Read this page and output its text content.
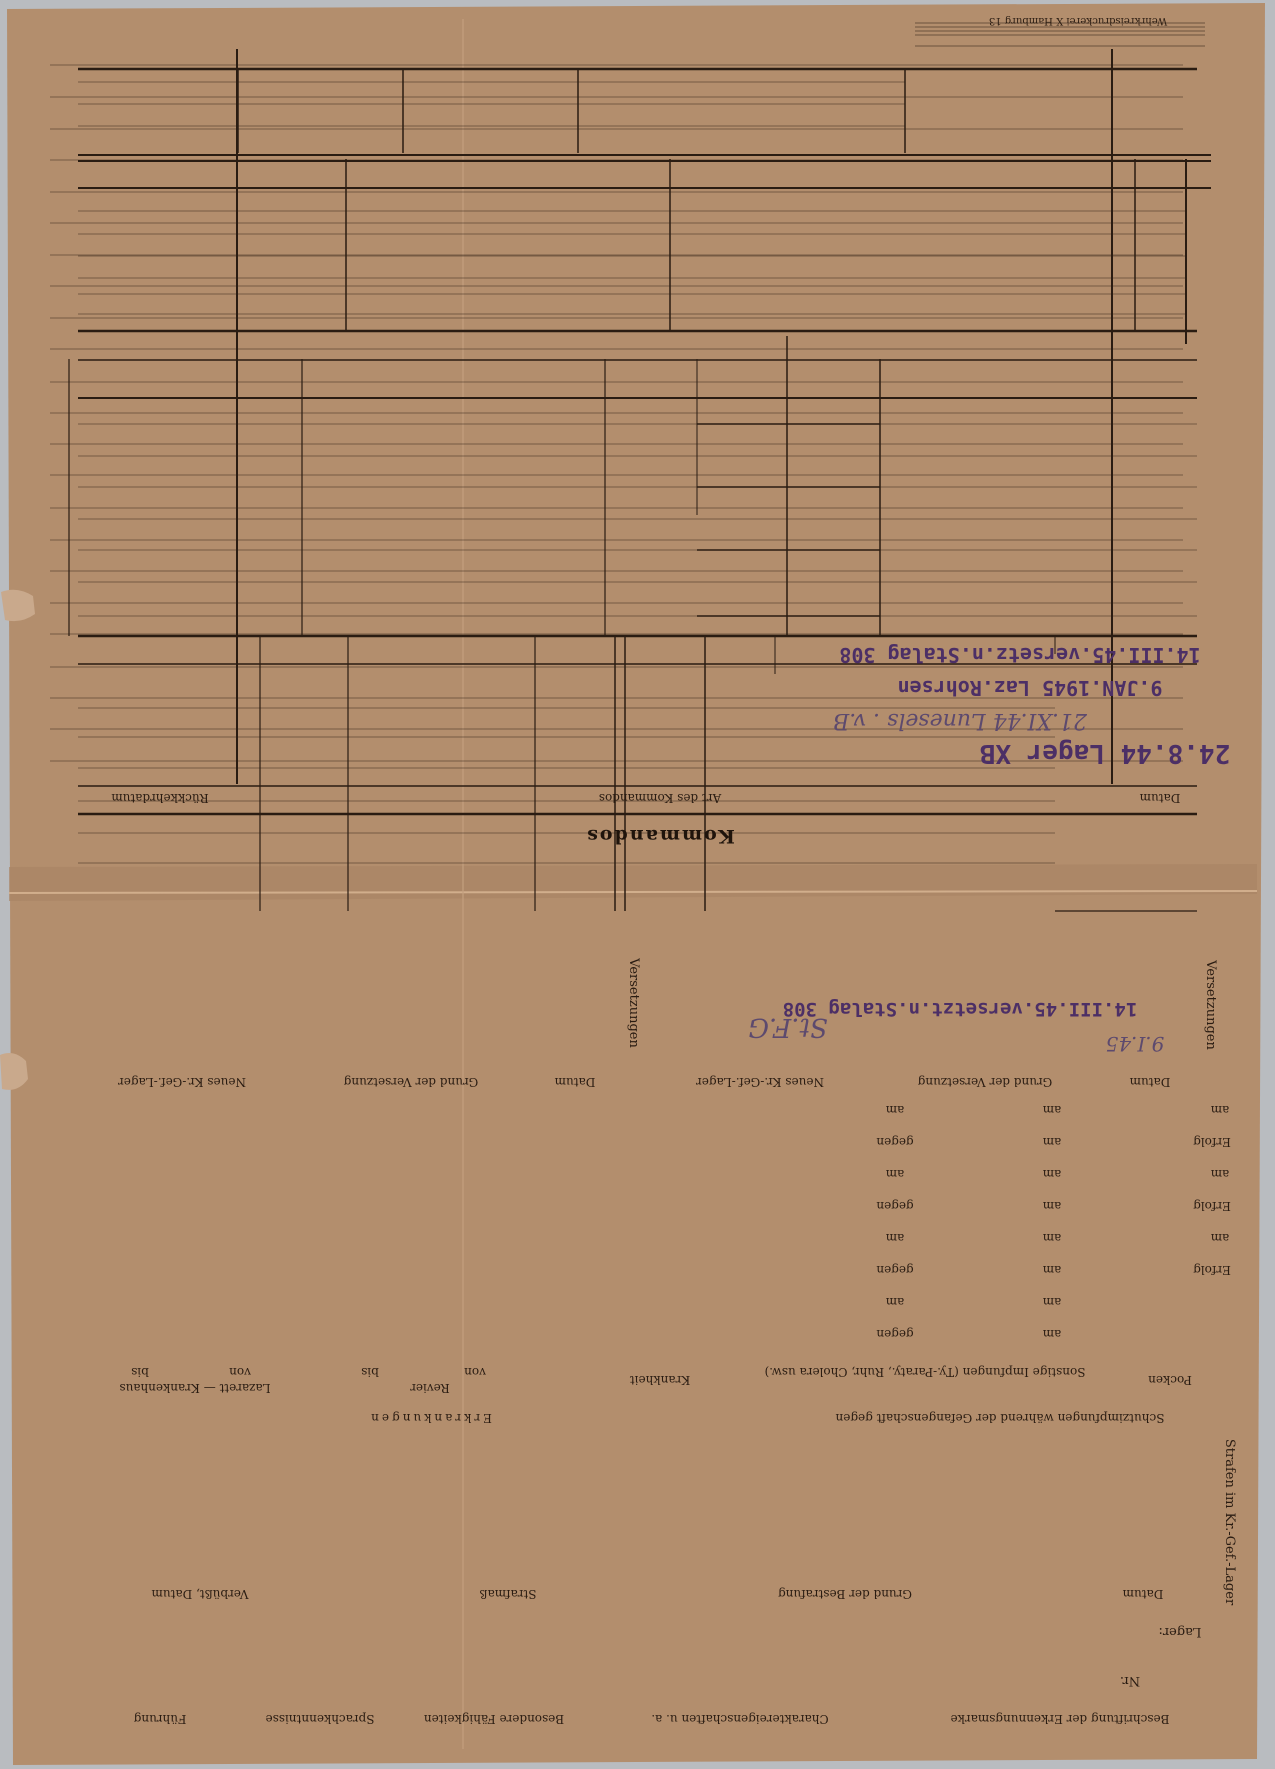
Wehrkreisdruckerei X Hamburg 13
Datum
Art des Kommandos
Rückkehrdatum
Kommandos
14.III.45.versetz.n.Stalag 308
9.JAN.1945 Laz.Rohrsen
21.XI.44 Lunesels . v.B
24.8.44 Lager XB
Versetzungen
Versetzungen
Datum
Grund der Versetzung
Neues Kr.-Gef.-Lager
Datum
Grund der Versetzung
Neues Kr.-Gef.-Lager
14.III.45.versetzt.n.Stalag 308
9.I.45
St.F.G
am
am
am
am
am
am
am
am
am
am
am
Erfolg
Erfolg
Erfolg
gegen
gegen
gegen
gegen
am
am
am
am
Pocken
Sonstige Impfungen (Ty.-Paraty., Ruhr, Cholera usw.)
Schutzimpfungen während der Gefangenschaft gegen
Erkrankungen
Krankheit
Revier
von
bis
Lazarett — Krankenhaus
von
bis
Strafen im Kr.-Gef.-Lager
Datum
Grund der Bestrafung
Strafmaß
Verbüßt, Datum
Lager:
Nr.
Beschriftung der Erkennungsmarke
Charaktereigenschaften u. a.
Besondere Fähigkeiten
Sprachkenntnisse
Führung
